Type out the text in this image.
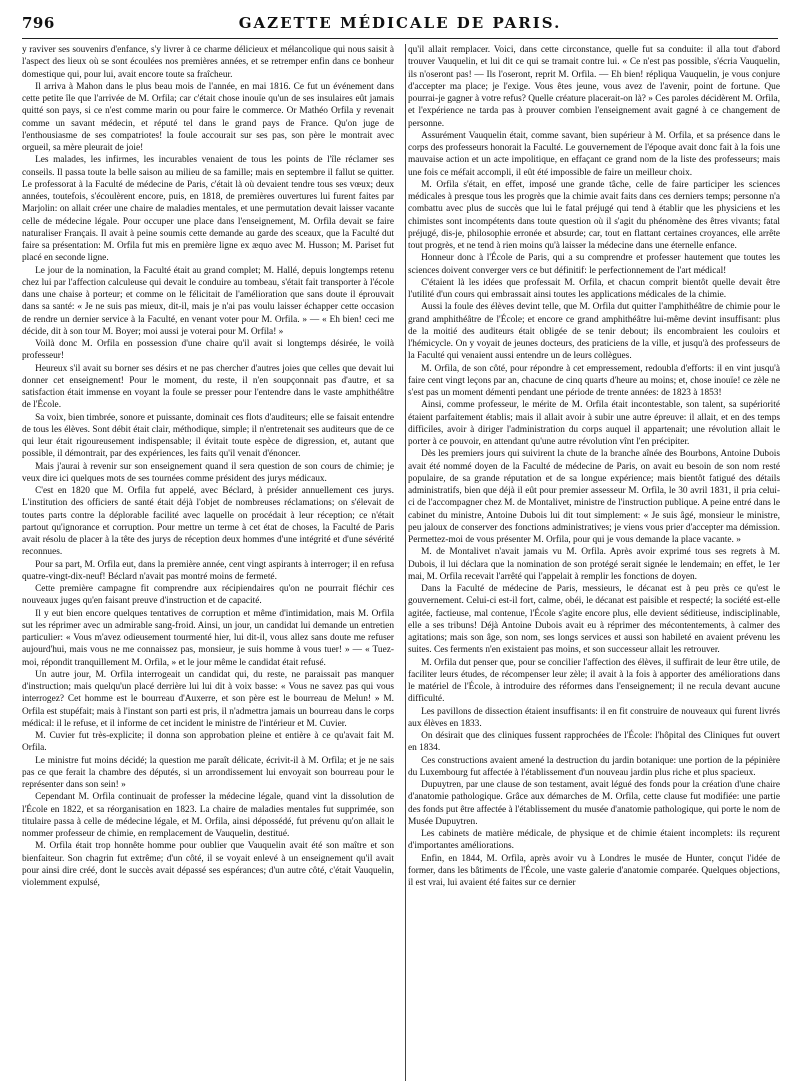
796	GAZETTE MÉDICALE DE PARIS.

y raviver ses souvenirs d'enfance, s'y livrer à ce charme délicieux et mélancolique qui nous saisit à l'aspect des lieux où se sont écoulées nos premières années, et se retremper enfin dans ce bonheur domestique qui, pour lui, avait encore toute sa fraîcheur.

Il arriva à Mahon dans le plus beau mois de l'année, en mai 1816. Ce fut un événement dans cette petite île que l'arrivée de M. Orfila; car c'était chose inouïe qu'un de ses insulaires eût jamais quitté son pays, si ce n'est comme marin ou pour faire le commerce. Or Mathéo Orfila y revenait comme un savant médecin, et réputé tel dans le grand pays de France. Qu'on juge de l'enthousiasme de ses compatriotes! la foule accourait sur ses pas, son père le montrait avec orgueil, sa mère pleurait de joie!

Les malades, les infirmes, les incurables venaient de tous les points de l'île réclamer ses conseils. Il passa toute la belle saison au milieu de sa famille; mais en septembre il fallut se quitter. Le professorat à la Faculté de médecine de Paris, c'était là où devaient tendre tous ses vœux; deux années, toutefois, s'écoulèrent encore, puis, en 1818, de premières ouvertures lui furent faites par Marjolin: on allait créer une chaire de maladies mentales, et une permutation devait laisser vacante celle de médecine légale. Pour occuper une place dans l'enseignement, M. Orfila devait se faire naturaliser Français. Il avait à peine soumis cette demande au garde des sceaux, que la Faculté dut faire sa présentation: M. Orfila fut mis en première ligne ex æquo avec M. Husson; M. Pariset fut placé en seconde ligne.

Le jour de la nomination, la Faculté était au grand complet; M. Hallé, depuis longtemps retenu chez lui par l'affection calculeuse qui devait le conduire au tombeau, s'était fait transporter à l'école dans une chaise à porteur; et comme on le félicitait de l'amélioration que sans doute il éprouvait dans sa santé: « Je ne suis pas mieux, dit-il, mais je n'ai pas voulu laisser échapper cette occasion de rendre un dernier service à la Faculté, en venant voter pour M. Orfila. » — « Eh bien! ceci me décide, dit à son tour M. Boyer; moi aussi je voterai pour M. Orfila! »

Voilà donc M. Orfila en possession d'une chaire qu'il avait si longtemps désirée, le voilà professeur!

Heureux s'il avait su borner ses désirs et ne pas chercher d'autres joies que celles que devait lui donner cet enseignement! Pour le moment, du reste, il n'en soupçonnait pas d'autre, et sa satisfaction était immense en voyant la foule se presser pour l'entendre dans le vaste amphithéâtre de l'École.

Sa voix, bien timbrée, sonore et puissante, dominait ces flots d'auditeurs; elle se faisait entendre de tous les élèves. Sont débit était clair, méthodique, simple; il n'entretenait ses auditeurs que de ce qui leur était rigoureusement indispensable; il évitait toute espèce de digression, et, autant que possible, il démontrait, par des expériences, les faits qu'il venait d'énoncer.

Mais j'aurai à revenir sur son enseignement quand il sera question de son cours de chimie; je veux dire ici quelques mots de ses tournées comme président des jurys médicaux.

C'est en 1820 que M. Orfila fut appelé, avec Béclard, à présider annuellement ces jurys. L'institution des officiers de santé était déjà l'objet de nombreuses réclamations; on s'élevait de toutes parts contre la déplorable facilité avec laquelle on procédait à leur réception; ce n'était partout qu'ignorance et corruption. Pour mettre un terme à cet état de choses, la Faculté de Paris avait résolu de placer à la tête des jurys de réception deux hommes d'une intégrité et d'une sévérité reconnues.

Pour sa part, M. Orfila eut, dans la première année, cent vingt aspirants à interroger; il en refusa quatre-vingt-dix-neuf! Béclard n'avait pas montré moins de fermeté.

Cette première campagne fit comprendre aux récipiendaires qu'on ne pourrait fléchir ces nouveaux juges qu'en faisant preuve d'instruction et de capacité.

Il y eut bien encore quelques tentatives de corruption et même d'intimidation, mais M. Orfila sut les réprimer avec un admirable sang-froid. Ainsi, un jour, un candidat lui demande un entretien particulier: « Vous m'avez odieusement tourmenté hier, lui dit-il, vous allez sans doute me refuser aujourd'hui, mais vous ne me connaissez pas, monsieur, je suis homme à vous tuer! » — « Tuez-moi, répondit tranquillement M. Orfila, » et le jour même le candidat était refusé.

Un autre jour, M. Orfila interrogeait un candidat qui, du reste, ne paraissait pas manquer d'instruction; mais quelqu'un placé derrière lui lui dit à voix basse: « Vous ne savez pas qui vous interrogez? Cet homme est le bourreau d'Auxerre, et son père est le bourreau de Melun! » M. Orfila est stupéfait; mais à l'instant son parti est pris, il n'admettra jamais un bourreau dans le corps médical: il le refuse, et il informe de cet incident le ministre de l'intérieur et M. Cuvier.

M. Cuvier fut très-explicite; il donna son approbation pleine et entière à ce qu'avait fait M. Orfila.

Le ministre fut moins décidé; la question me paraît délicate, écrivit-il à M. Orfila; et je ne sais pas ce que ferait la chambre des députés, si un arrondissement lui envoyait son bourreau pour le représenter dans son sein! »

Cependant M. Orfila continuait de professer la médecine légale, quand vint la dissolution de l'École en 1822, et sa réorganisation en 1823. La chaire de maladies mentales fut supprimée, son titulaire passa à celle de médecine légale, et M. Orfila, ainsi dépossédé, fut prévenu qu'on allait le nommer professeur de chimie, en remplacement de Vauquelin, destitué.

M. Orfila était trop honnête homme pour oublier que Vauquelin avait été son maître et son bienfaiteur. Son chagrin fut extrême; d'un côté, il se voyait enlevé à un enseignement qu'il avait pour ainsi dire créé, dont le succès avait dépassé ses espérances; d'un autre côté, c'était Vauquelin, violemment expulsé,

qu'il allait remplacer. Voici, dans cette circonstance, quelle fut sa conduite: il alla tout d'abord trouver Vauquelin, et lui dit ce qui se tramait contre lui. « Ce n'est pas possible, s'écria Vauquelin, ils n'oseront pas! — Ils l'oseront, reprit M. Orfila. — Eh bien! répliqua Vauquelin, je vous conjure d'accepter ma place; je l'exige. Vous êtes jeune, vous avez de l'avenir, point de fortune. Que pourrai-je gagner à votre refus? Quelle créature placerait-on là? » Ces paroles décidèrent M. Orfila, et l'expérience ne tarda pas à prouver combien l'enseignement avait gagné à ce changement de personne.

Assurément Vauquelin était, comme savant, bien supérieur à M. Orfila, et sa présence dans le corps des professeurs honorait la Faculté. Le gouvernement de l'époque avait donc fait à la fois une mauvaise action et un acte impolitique, en effaçant ce grand nom de la liste des professeurs; mais une fois ce méfait accompli, il eût été impossible de faire un meilleur choix.

M. Orfila s'était, en effet, imposé une grande tâche, celle de faire participer les sciences médicales à presque tous les progrès que la chimie avait faits dans ces derniers temps; personne n'a combattu avec plus de succès que lui le fatal préjugé qui tend à établir que les physiciens et les chimistes sont incompétents dans toute question où il s'agit du phénomène des êtres vivants; fatal préjugé, dis-je, philosophie erronée et absurde; car, tout en flattant certaines croyances, elle arrête tout progrès, et ne tend à rien moins qu'à laisser la médecine dans une éternelle enfance.

Honneur donc à l'École de Paris, qui a su comprendre et professer hautement que toutes les sciences doivent converger vers ce but définitif: le perfectionnement de l'art médical!

C'étaient là les idées que professait M. Orfila, et chacun comprit bientôt quelle devait être l'utilité d'un cours qui embrassait ainsi toutes les applications médicales de la chimie.

Aussi la foule des élèves devint telle, que M. Orfila dut quitter l'amphithéâtre de chimie pour le grand amphithéâtre de l'École; et encore ce grand amphithéâtre lui-même devint insuffisant: plus de la moitié des auditeurs était obligée de se tenir debout; ils encombraient les couloirs et l'hémicycle. On y voyait de jeunes docteurs, des praticiens de la ville, et jusqu'à des professeurs de la Faculté qui venaient aussi entendre un de leurs collègues.

M. Orfila, de son côté, pour répondre à cet empressement, redoubla d'efforts: il en vint jusqu'à faire cent vingt leçons par an, chacune de cinq quarts d'heure au moins; et, chose inouïe! ce zèle ne s'est pas un moment démenti pendant une période de trente années: de 1823 à 1853!

Ainsi, comme professeur, le mérite de M. Orfila était incontestable, son talent, sa supériorité étaient parfaitement établis; mais il allait avoir à subir une autre épreuve: il allait, et en des temps difficiles, avoir à diriger l'administration du corps auquel il appartenait; une révolution allait le porter à ce pouvoir, en attendant qu'une autre révolution vînt l'en précipiter.

Dès les premiers jours qui suivirent la chute de la branche aînée des Bourbons, Antoine Dubois avait été nommé doyen de la Faculté de médecine de Paris, on avait eu besoin de son nom resté populaire, de sa grande réputation et de sa longue expérience; mais bientôt fatigué des détails administratifs, bien que déjà il eût pour premier assesseur M. Orfila, le 30 avril 1831, il pria celui-ci de l'accompagner chez M. de Montalivet, ministre de l'instruction publique. A peine entré dans le cabinet du ministre, Antoine Dubois lui dit tout simplement: « Je suis âgé, monsieur le ministre, peu jaloux de conserver des fonctions administratives; je viens vous prier d'accepter ma démission. Permettez-moi de vous présenter M. Orfila, pour qui je vous demande la place vacante. »

M. de Montalivet n'avait jamais vu M. Orfila. Après avoir exprimé tous ses regrets à M. Dubois, il lui déclara que la nomination de son protégé serait signée le lendemain; en effet, le 1er mai, M. Orfila recevait l'arrêté qui l'appelait à remplir les fonctions de doyen.

Dans la Faculté de médecine de Paris, messieurs, le décanat est à peu près ce qu'est le gouvernement. Celui-ci est-il fort, calme, obéi, le décanat est paisible et respecté; la société est-elle agitée, factieuse, mal contenue, l'École s'agite encore plus, elle devient séditieuse, indisciplinable, elle a ses tribuns! Déjà Antoine Dubois avait eu à réprimer des mécontentements, à calmer des agitations; mais son âge, son nom, ses longs services et aussi son habileté en avaient prévenu les suites. Ces ferments n'en existaient pas moins, et son successeur allait les retrouver.

M. Orfila dut penser que, pour se concilier l'affection des élèves, il suffirait de leur être utile, de faciliter leurs études, de récompenser leur zèle; il avait à la fois à apporter des améliorations dans le matériel de l'École, à introduire des réformes dans l'enseignement; il ne recula devant aucune difficulté.

Les pavillons de dissection étaient insuffisants: il en fit construire de nouveaux qui furent livrés aux élèves en 1833.

On désirait que des cliniques fussent rapprochées de l'École: l'hôpital des Cliniques fut ouvert en 1834.

Ces constructions avaient amené la destruction du jardin botanique: une portion de la pépinière du Luxembourg fut affectée à l'établissement d'un nouveau jardin plus riche et plus spacieux.

Dupuytren, par une clause de son testament, avait légué des fonds pour la création d'une chaire d'anatomie pathologique. Grâce aux démarches de M. Orfila, cette clause fut modifiée: une partie des fonds put être affectée à l'établissement du musée d'anatomie pathologique, qui porte le nom de Musée Dupuytren.

Les cabinets de matière médicale, de physique et de chimie étaient incomplets: ils reçurent d'importantes améliorations.

Enfin, en 1844, M. Orfila, après avoir vu à Londres le musée de Hunter, conçut l'idée de former, dans les bâtiments de l'École, une vaste galerie d'anatomie comparée. Quelques objections, il est vrai, lui avaient été faites sur ce dernier
